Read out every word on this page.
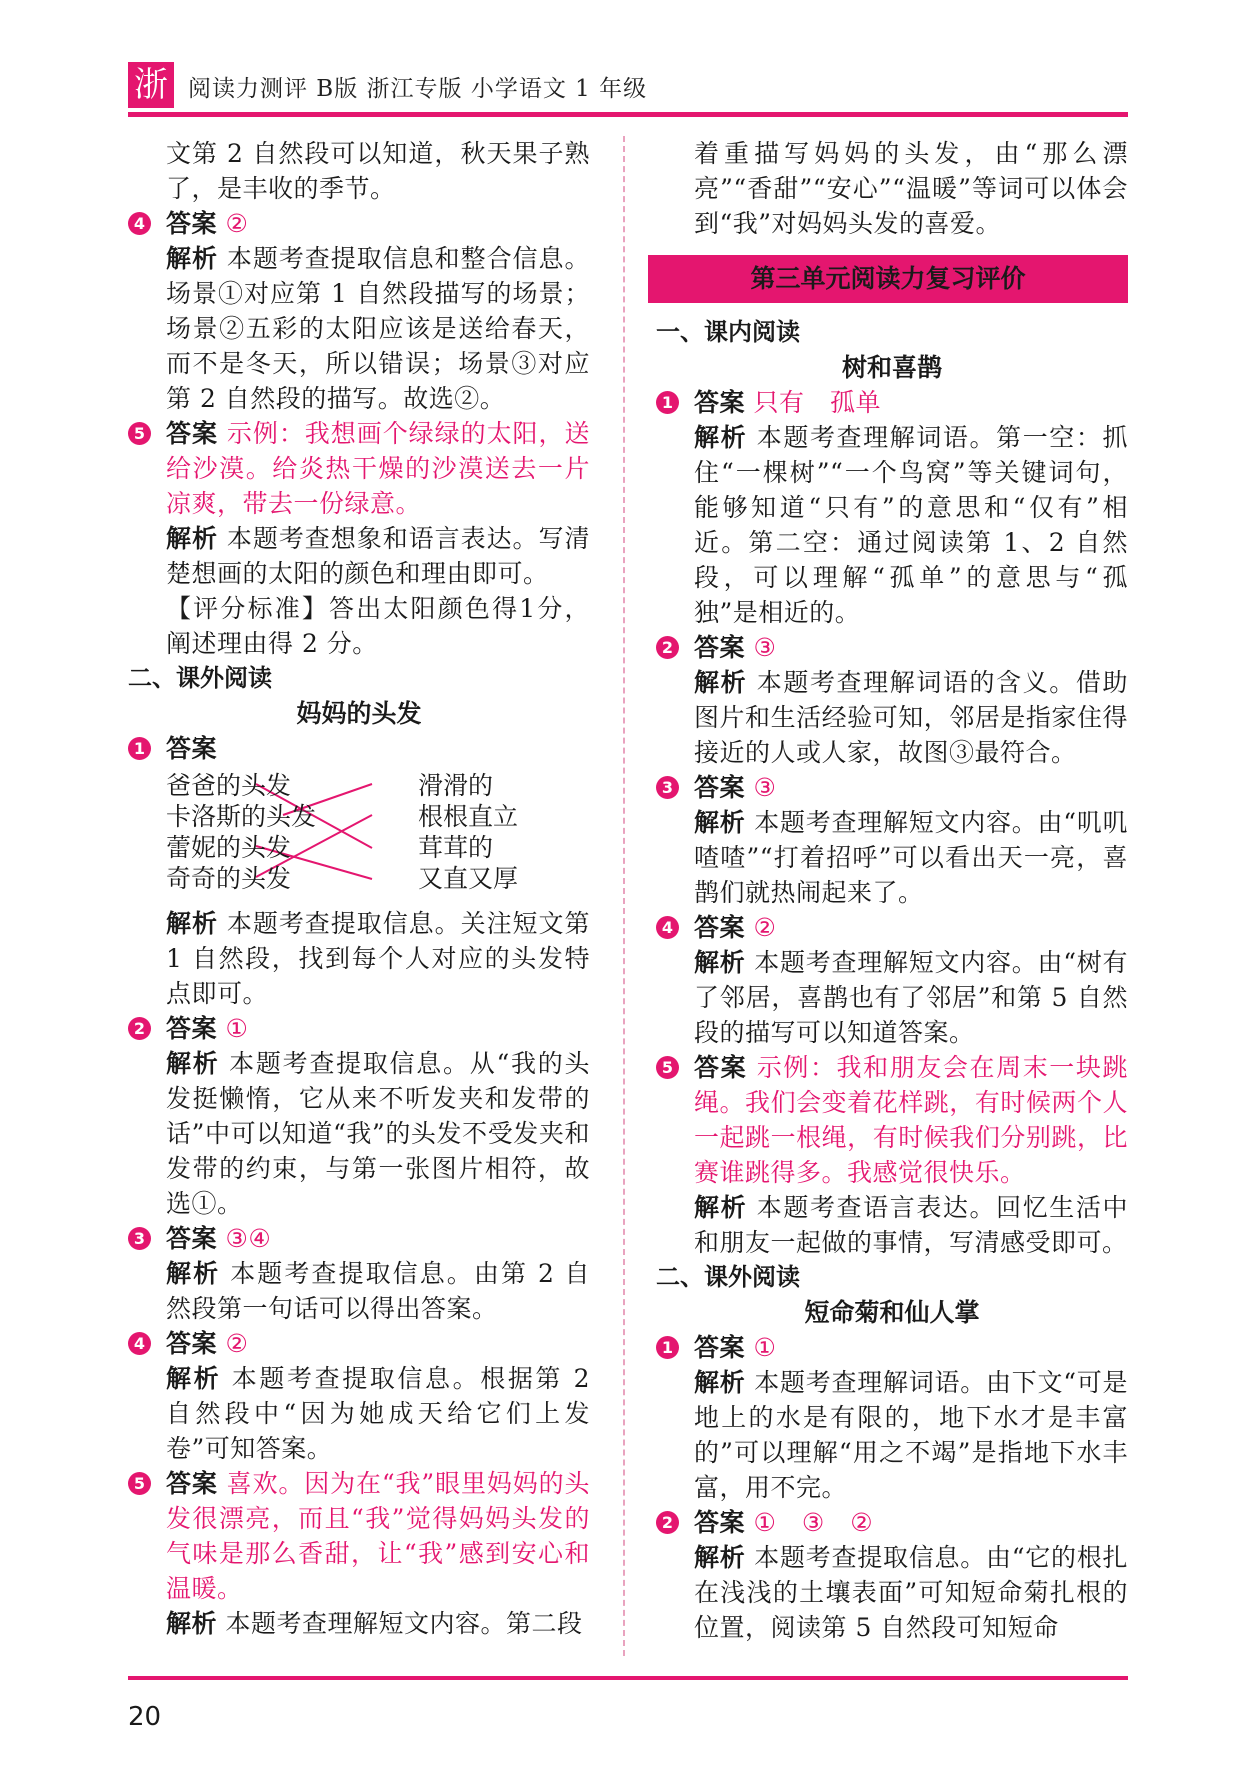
浙 阅读力测评 B版 浙江专版 小学语文 1 年级

文第 2 自然段可以知道，秋天果子熟了，是丰收的季节。

4 答案 ②

解析 本题考查提取信息和整合信息。场景①对应第 1 自然段描写的场景；场景②五彩的太阳应该是送给春天，而不是冬天，所以错误；场景③对应第 2 自然段的描写。故选②。

5 答案 示例：我想画个绿绿的太阳，送给沙漠。给炎热干燥的沙漠送去一片凉爽，带去一份绿意。

解析 本题考查想象和语言表达。写清楚想画的太阳的颜色和理由即可。

【评分标准】答出太阳颜色得1分，阐述理由得 2 分。

二、课外阅读

妈妈的头发

1 答案

爸爸的头发
卡洛斯的头发
蕾妮的头发
奇奇的头发
滑滑的
根根直立
茸茸的
又直又厚

解析 本题考查提取信息。关注短文第 1 自然段，找到每个人对应的头发特点即可。

2 答案 ①

解析 本题考查提取信息。从“我的头发挺懒惰，它从来不听发夹和发带的话”中可以知道“我”的头发不受发夹和发带的约束，与第一张图片相符，故选①。

3 答案 ③④

解析 本题考查提取信息。由第 2 自然段第一句话可以得出答案。

4 答案 ②

解析 本题考查提取信息。根据第 2 自然段中“因为她成天给它们上发卷”可知答案。

5 答案 喜欢。因为在“我”眼里妈妈的头发很漂亮，而且“我”觉得妈妈头发的气味是那么香甜，让“我”感到安心和温暖。

解析 本题考查理解短文内容。第二段

着重描写妈妈的头发，由“那么漂亮”“香甜”“安心”“温暖”等词可以体会到“我”对妈妈头发的喜爱。

第三单元阅读力复习评价

一、课内阅读

树和喜鹊

1 答案 只有　孤单

解析 本题考查理解词语。第一空：抓住“一棵树”“一个鸟窝”等关键词句，能够知道“只有”的意思和“仅有”相近。第二空：通过阅读第 1、2 自然段，可以理解“孤单”的意思与“孤独”是相近的。

2 答案 ③

解析 本题考查理解词语的含义。借助图片和生活经验可知，邻居是指家住得接近的人或人家，故图③最符合。

3 答案 ③

解析 本题考查理解短文内容。由“叽叽喳喳”“打着招呼”可以看出天一亮，喜鹊们就热闹起来了。

4 答案 ②

解析 本题考查理解短文内容。由“树有了邻居，喜鹊也有了邻居”和第 5 自然段的描写可以知道答案。

5 答案 示例：我和朋友会在周末一块跳绳。我们会变着花样跳，有时候两个人一起跳一根绳，有时候我们分别跳，比赛谁跳得多。我感觉很快乐。

解析 本题考查语言表达。回忆生活中和朋友一起做的事情，写清感受即可。

二、课外阅读

短命菊和仙人掌

1 答案 ①

解析 本题考查理解词语。由下文“可是地上的水是有限的，地下水才是丰富的”可以理解“用之不竭”是指地下水丰富，用不完。

2 答案 ①　③　②

解析 本题考查提取信息。由“它的根扎在浅浅的土壤表面”可知短命菊扎根的位置，阅读第 5 自然段可知短命

20
